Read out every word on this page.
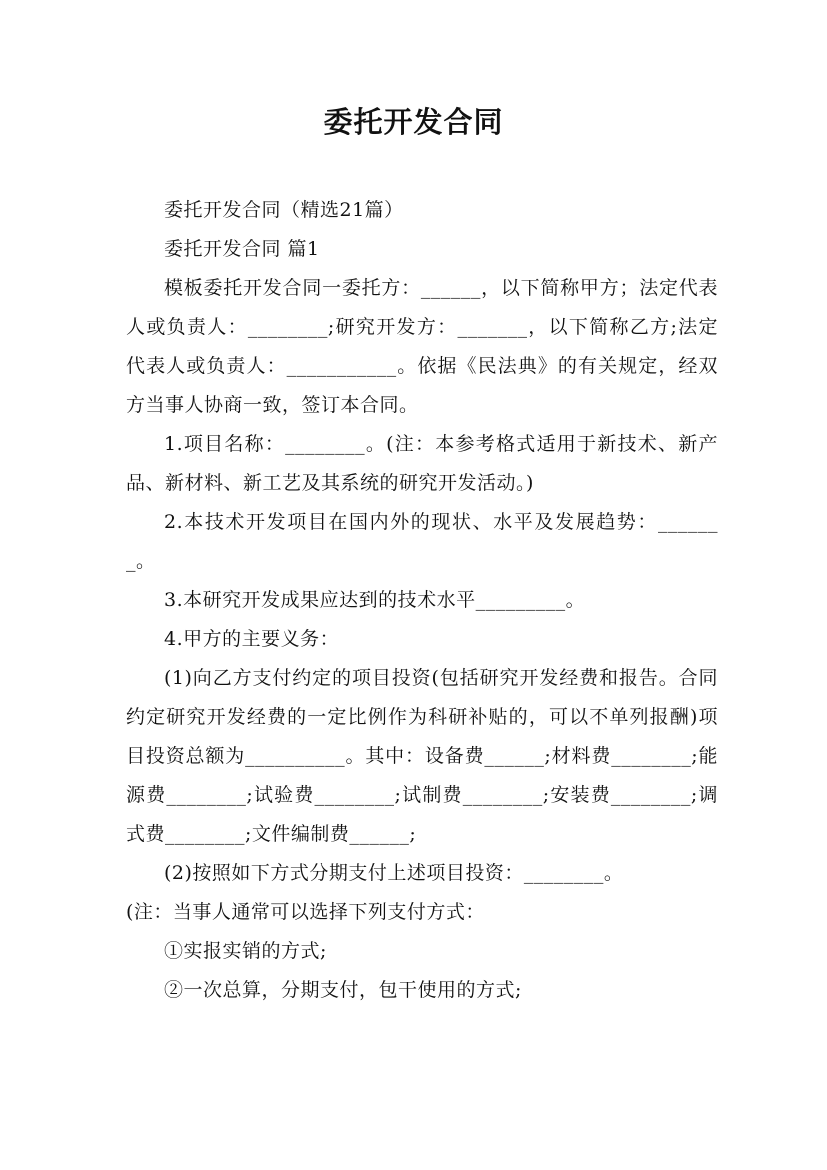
委托开发合同

委托开发合同（精选21篇）

委托开发合同 篇1

模板委托开发合同一委托方：______，以下简称甲方；法定代表人或负责人：________;研究开发方：_______，以下简称乙方;法定代表人或负责人：___________。依据《民法典》的有关规定，经双方当事人协商一致，签订本合同。

1.项目名称：________。(注：本参考格式适用于新技术、新产品、新材料、新工艺及其系统的研究开发活动。)

2.本技术开发项目在国内外的现状、水平及发展趋势：_______。

3.本研究开发成果应达到的技术水平_________。

4.甲方的主要义务：

(1)向乙方支付约定的项目投资(包括研究开发经费和报告。合同约定研究开发经费的一定比例作为科研补贴的，可以不单列报酬)项目投资总额为__________。其中：设备费______;材料费________;能源费________;试验费________;试制费________;安装费________;调式费________;文件编制费______;

(2)按照如下方式分期支付上述项目投资：________。

(注：当事人通常可以选择下列支付方式：

①实报实销的方式;

②一次总算，分期支付，包干使用的方式;
